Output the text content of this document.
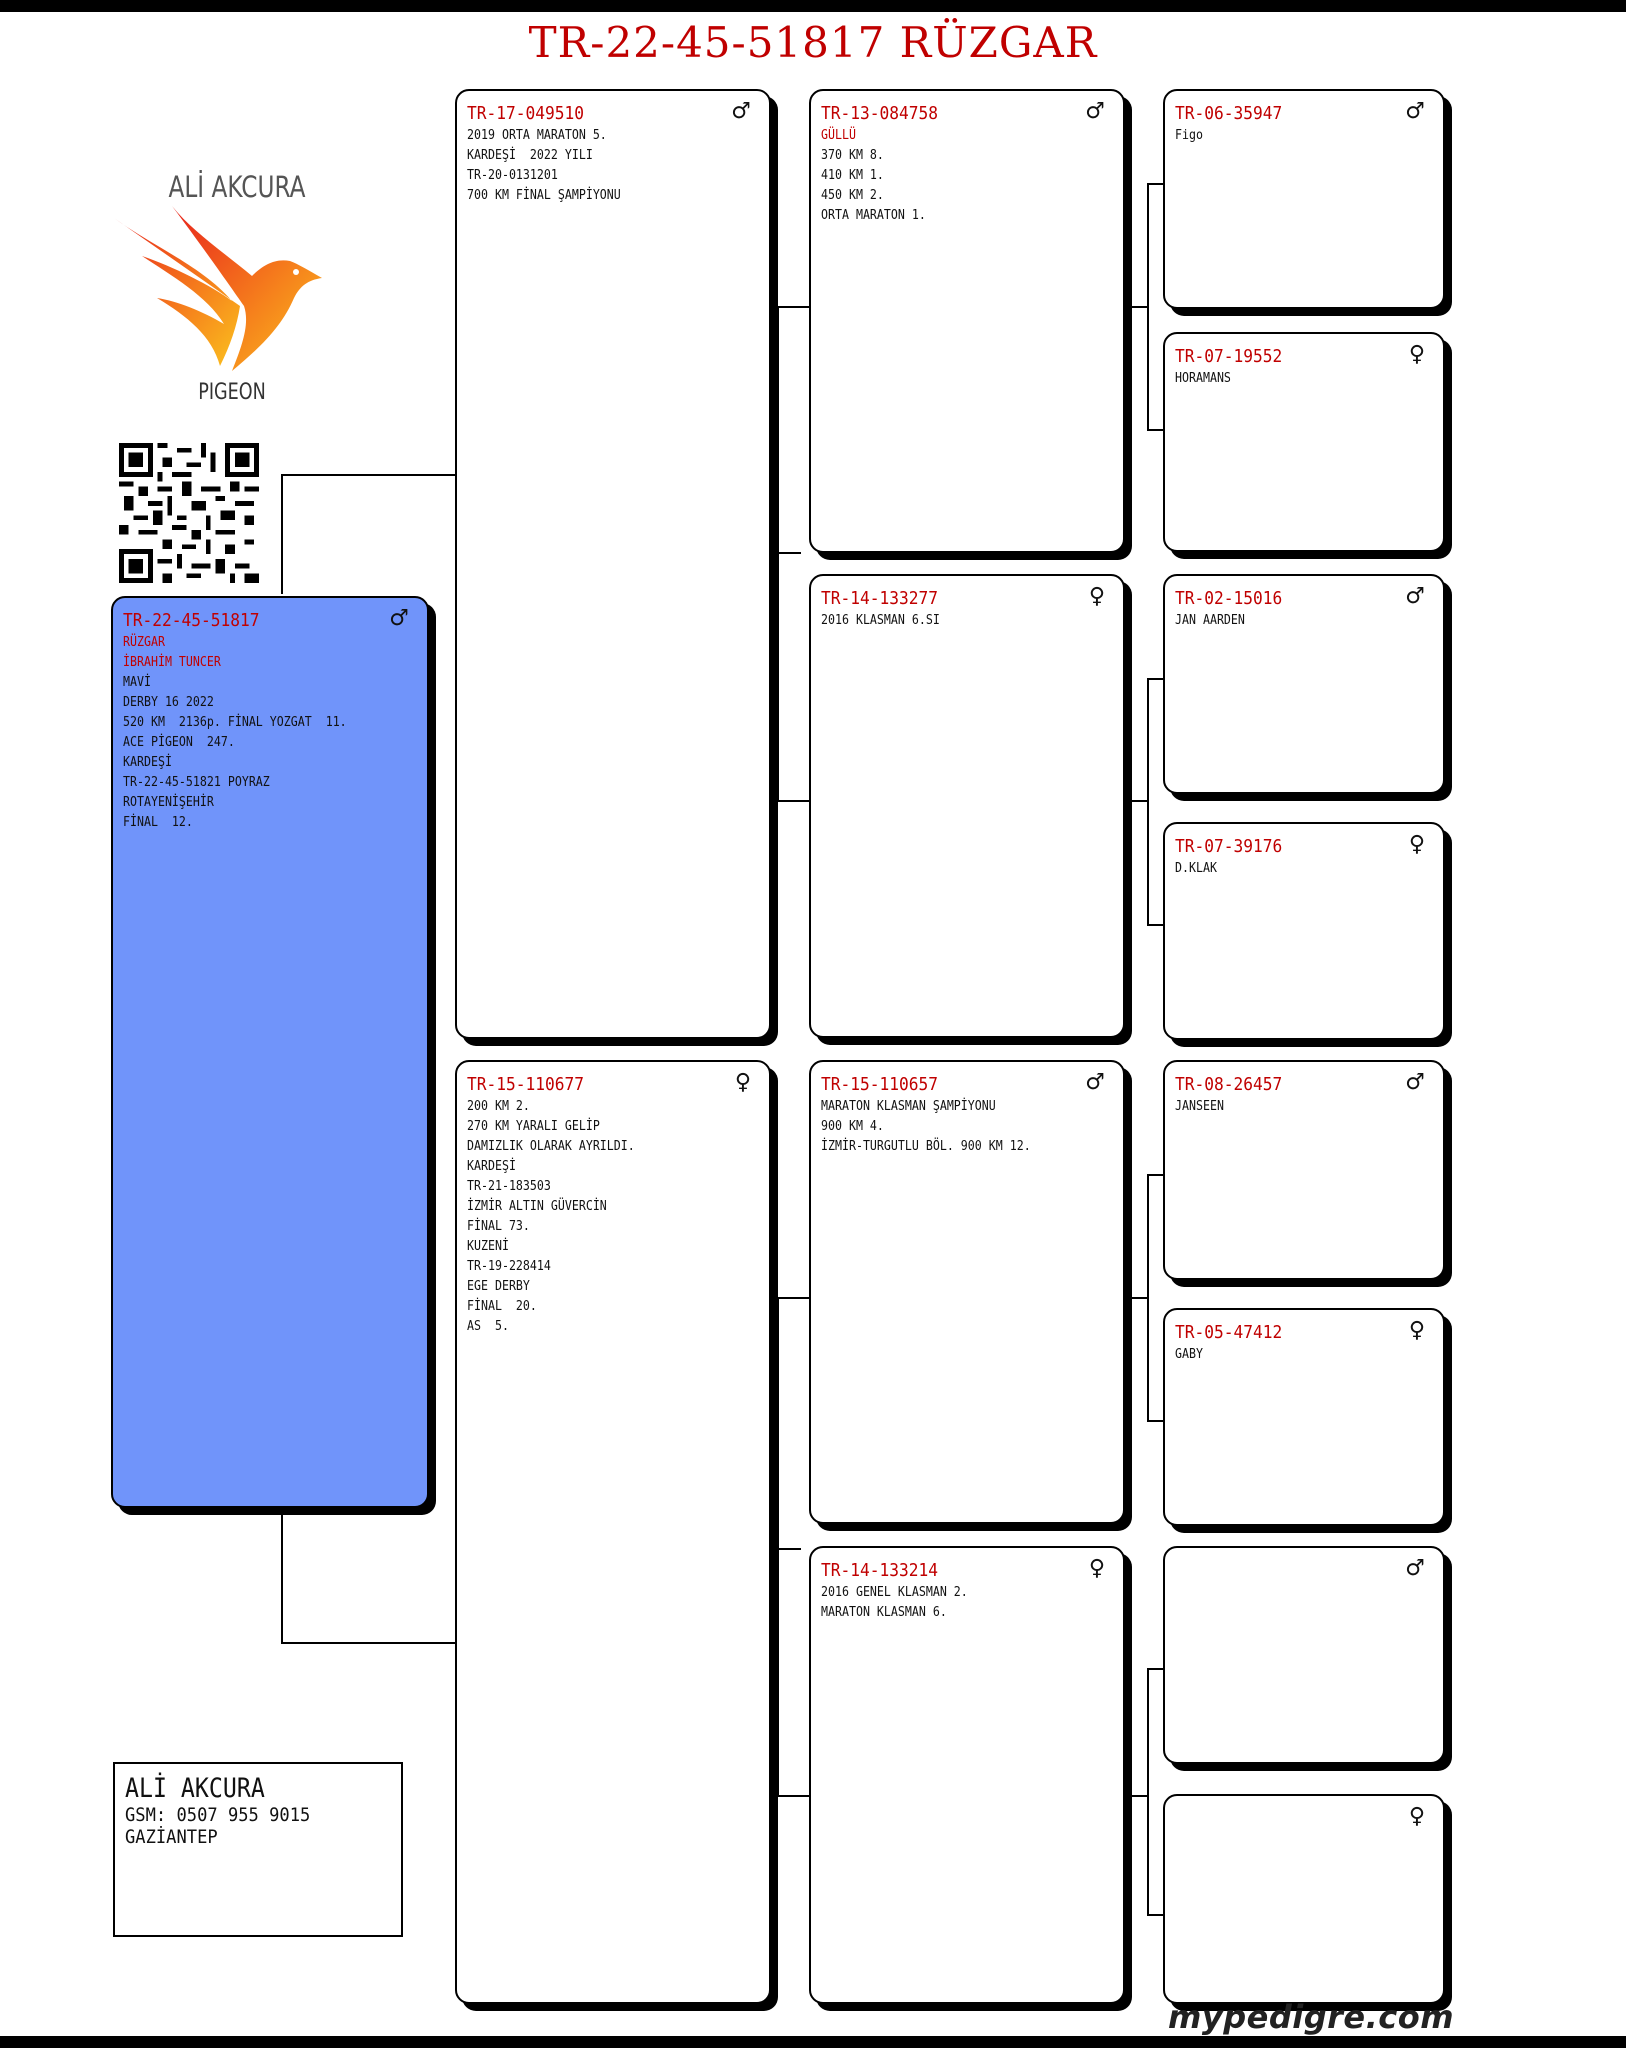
TR-22-45-51817 RÜZGAR
ALİ AKCURA
PIGEON
♂
TR-22-45-51817
RÜZGAR
İBRAHİM TUNCER
MAVİ
DERBY 16 2022
520 KM  2136p. FİNAL YOZGAT  11.
ACE PİGEON  247.
KARDEŞİ
TR-22-45-51821 POYRAZ
ROTAYENİŞEHİR
FİNAL  12.
♂
TR-17-049510
2019 ORTA MARATON 5.
KARDEŞİ  2022 YILI
TR-20-0131201
700 KM FİNAL ŞAMPİYONU
♀
TR-15-110677
200 KM 2.
270 KM YARALI GELİP
DAMIZLIK OLARAK AYRILDI.
KARDEŞİ
TR-21-183503
İZMİR ALTIN GÜVERCİN
FİNAL 73.
KUZENİ
TR-19-228414
EGE DERBY
FİNAL  20.
AS  5.
♂
TR-13-084758
GÜLLÜ
370 KM 8.
410 KM 1.
450 KM 2.
ORTA MARATON 1.
♀
TR-14-133277
2016 KLASMAN 6.SI
♂
TR-15-110657
MARATON KLASMAN ŞAMPİYONU
900 KM 4.
İZMİR-TURGUTLU BÖL. 900 KM 12.
♀
TR-14-133214
2016 GENEL KLASMAN 2.
MARATON KLASMAN 6.
♂
TR-06-35947
Figo
♀
TR-07-19552
HORAMANS
♂
TR-02-15016
JAN AARDEN
♀
TR-07-39176
D.KLAK
♂
TR-08-26457
JANSEEN
♀
TR-05-47412
GABY
♂
♀
ALİ AKCURA
GSM: 0507 955 9015
GAZİANTEP
mypedigre.com
